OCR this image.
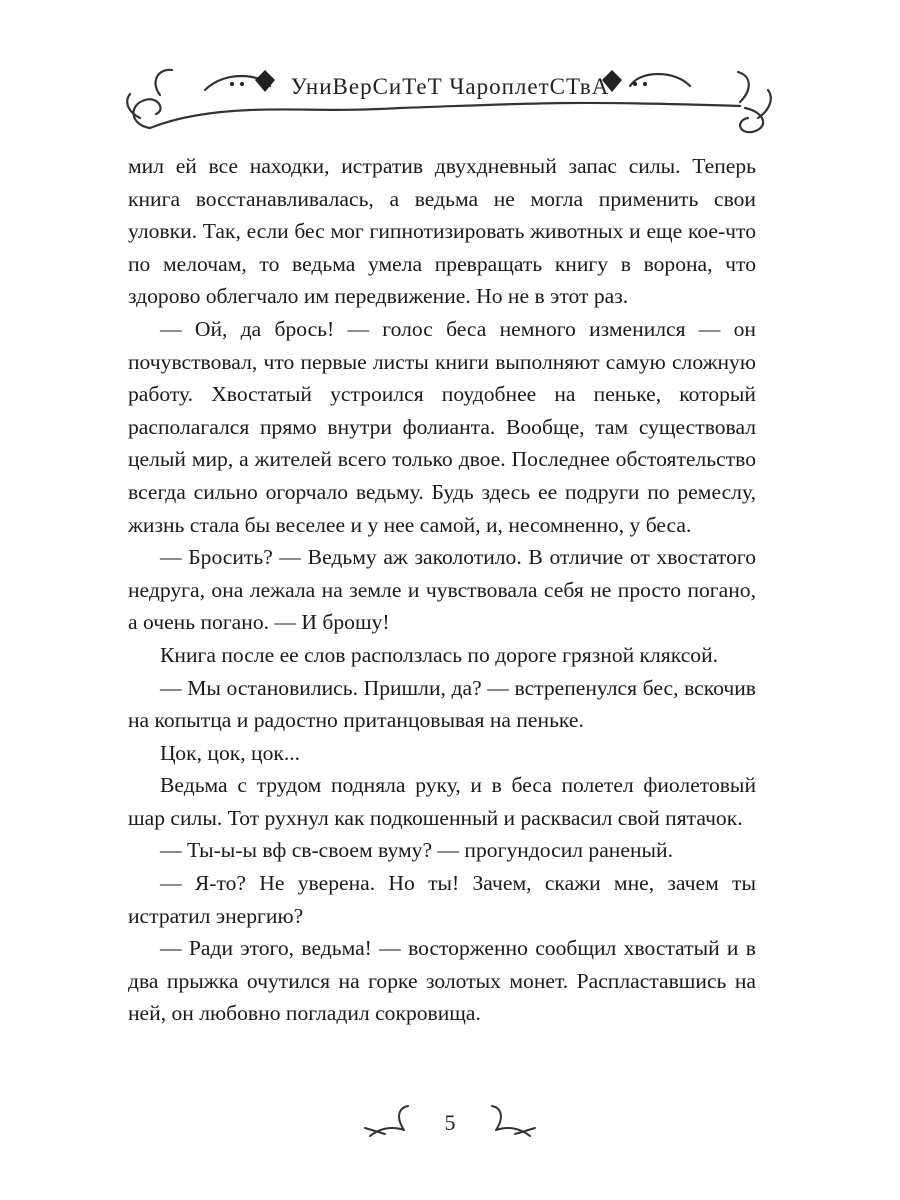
УниВерСиТеТ ЧароплетСТвА

мил ей все находки, истратив двухдневный запас силы. Теперь книга восстанавливалась, а ведьма не могла применить свои уловки. Так, если бес мог гипнотизировать животных и еще кое-что по мелочам, то ведьма умела превращать книгу в ворона, что здорово облегчало им передвижение. Но не в этот раз.

— Ой, да брось! — голос беса немного изменился — он почувствовал, что первые листы книги выполняют самую сложную работу. Хвостатый устроился поудобнее на пеньке, который располагался прямо внутри фолианта. Вообще, там существовал целый мир, а жителей всего только двое. Последнее обстоятельство всегда сильно огорчало ведьму. Будь здесь ее подруги по ремеслу, жизнь стала бы веселее и у нее самой, и, несомненно, у беса.

— Бросить? — Ведьму аж заколотило. В отличие от хвостатого недруга, она лежала на земле и чувствовала себя не просто погано, а очень погано. — И брошу!

Книга после ее слов расползлась по дороге грязной кляксой.

— Мы остановились. Пришли, да? — встрепенулся бес, вскочив на копытца и радостно пританцовывая на пеньке.

Цок, цок, цок...

Ведьма с трудом подняла руку, и в беса полетел фиолетовый шар силы. Тот рухнул как подкошенный и расквасил свой пятачок.

— Ты-ы-ы вф св-своем вуму? — прогундосил раненый.

— Я-то? Не уверена. Но ты! Зачем, скажи мне, зачем ты истратил энергию?

— Ради этого, ведьма! — восторженно сообщил хвостатый и в два прыжка очутился на горке золотых монет. Распластавшись на ней, он любовно погладил сокровища.

5
